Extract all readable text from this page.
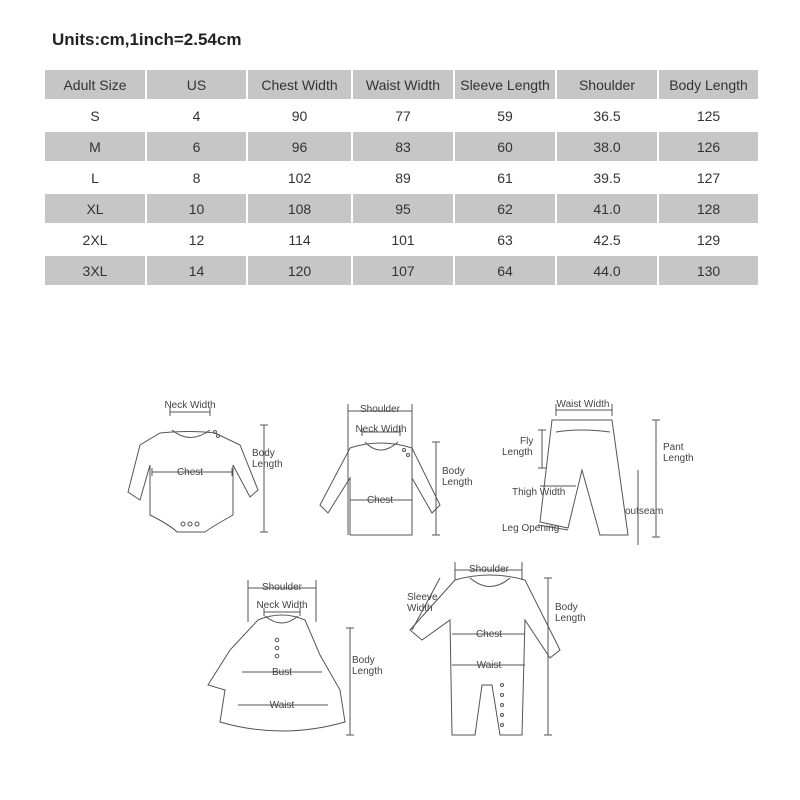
Units:cm,1inch=2.54cm
Adult Size	US	Chest Width	Waist Width	Sleeve Length	Shoulder	Body Length
S	4	90	77	59	36.5	125
M	6	96	83	60	38.0	126
L	8	102	89	61	39.5	127
XL	10	108	95	62	41.0	128
2XL	12	114	101	63	42.5	129
3XL	14	120	107	64	44.0	130
Neck Width
Chest
Body
Length
Shoulder
Neck Width
Chest
Body
Length
Waist Width
Fly
Length	Pant
Length
Thigh Width
outseam
Leg Opening
Shoulder
Neck Width
Bust
Waist
Body
Length
Shoulder
Sleeve
Width
Chest
Waist
Body
Length
